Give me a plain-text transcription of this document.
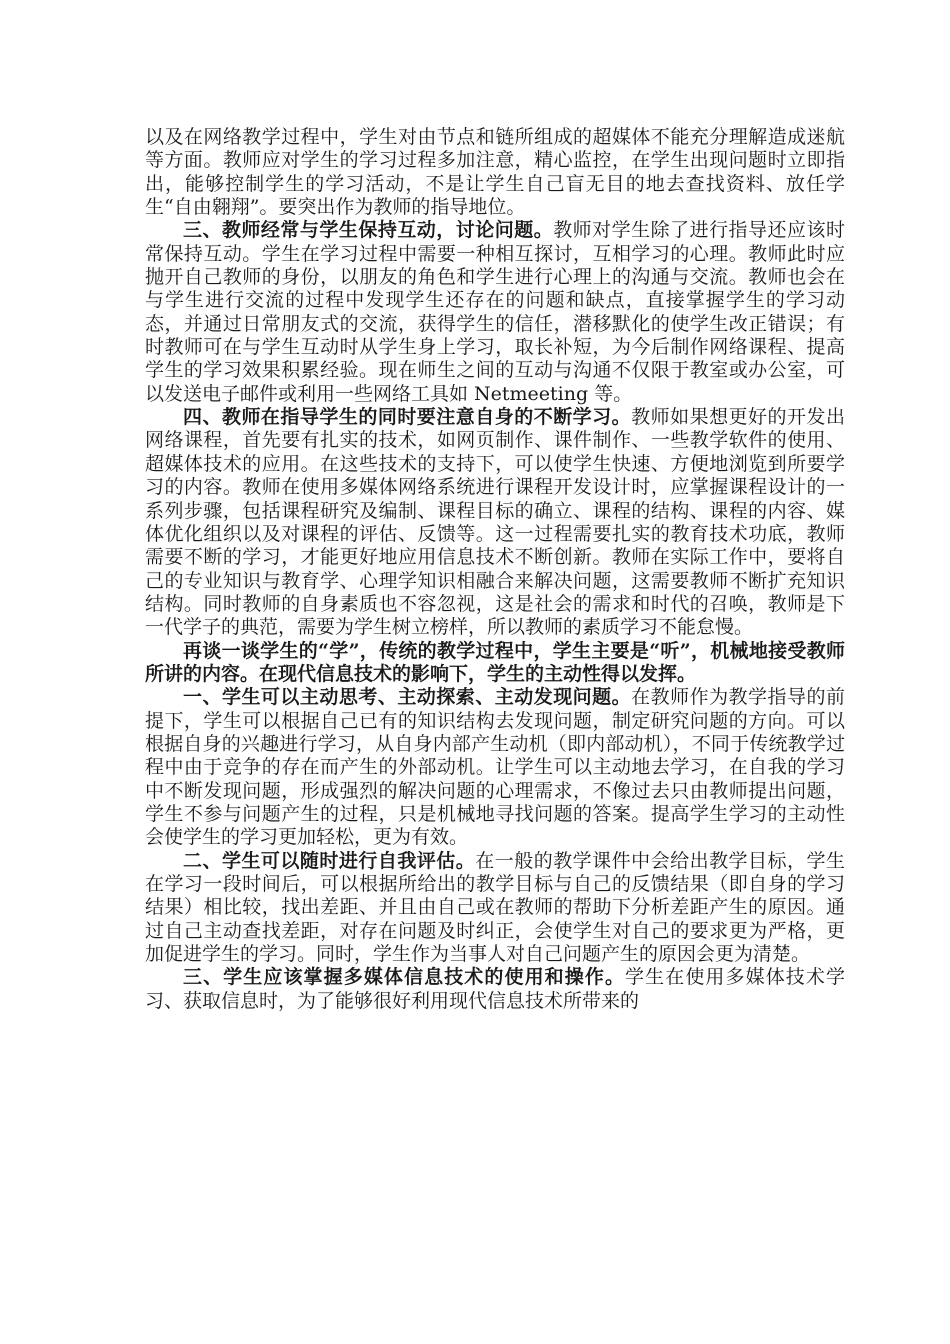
以及在网络教学过程中，学生对由节点和链所组成的超媒体不能充分理解造成迷航等方面。教师应对学生的学习过程多加注意，精心监控，在学生出现问题时立即指出，能够控制学生的学习活动，不是让学生自己盲无目的地去查找资料、放任学生“自由翱翔”。要突出作为教师的指导地位。

三、教师经常与学生保持互动，讨论问题。教师对学生除了进行指导还应该时常保持互动。学生在学习过程中需要一种相互探讨，互相学习的心理。教师此时应抛开自己教师的身份，以朋友的角色和学生进行心理上的沟通与交流。教师也会在与学生进行交流的过程中发现学生还存在的问题和缺点，直接掌握学生的学习动态，并通过日常朋友式的交流，获得学生的信任，潜移默化的使学生改正错误；有时教师可在与学生互动时从学生身上学习，取长补短，为今后制作网络课程、提高学生的学习效果积累经验。现在师生之间的互动与沟通不仅限于教室或办公室，可以发送电子邮件或利用一些网络工具如 Netmeeting 等。

四、教师在指导学生的同时要注意自身的不断学习。教师如果想更好的开发出网络课程，首先要有扎实的技术，如网页制作、课件制作、一些教学软件的使用、超媒体技术的应用。在这些技术的支持下，可以使学生快速、方便地浏览到所要学习的内容。教师在使用多媒体网络系统进行课程开发设计时，应掌握课程设计的一系列步骤，包括课程研究及编制、课程目标的确立、课程的结构、课程的内容、媒体优化组织以及对课程的评估、反馈等。这一过程需要扎实的教育技术功底，教师需要不断的学习，才能更好地应用信息技术不断创新。教师在实际工作中，要将自己的专业知识与教育学、心理学知识相融合来解决问题，这需要教师不断扩充知识结构。同时教师的自身素质也不容忽视，这是社会的需求和时代的召唤，教师是下一代学子的典范，需要为学生树立榜样，所以教师的素质学习不能怠慢。

再谈一谈学生的“学”，传统的教学过程中，学生主要是“听”，机械地接受教师所讲的内容。在现代信息技术的影响下，学生的主动性得以发挥。

一、学生可以主动思考、主动探索、主动发现问题。在教师作为教学指导的前提下，学生可以根据自己已有的知识结构去发现问题，制定研究问题的方向。可以根据自身的兴趣进行学习，从自身内部产生动机（即内部动机），不同于传统教学过程中由于竞争的存在而产生的外部动机。让学生可以主动地去学习，在自我的学习中不断发现问题，形成强烈的解决问题的心理需求，不像过去只由教师提出问题，学生不参与问题产生的过程，只是机械地寻找问题的答案。提高学生学习的主动性会使学生的学习更加轻松，更为有效。

二、学生可以随时进行自我评估。在一般的教学课件中会给出教学目标，学生在学习一段时间后，可以根据所给出的教学目标与自己的反馈结果（即自身的学习结果）相比较，找出差距、并且由自己或在教师的帮助下分析差距产生的原因。通过自己主动查找差距，对存在问题及时纠正，会使学生对自己的要求更为严格，更加促进学生的学习。同时，学生作为当事人对自己问题产生的原因会更为清楚。

三、学生应该掌握多媒体信息技术的使用和操作。学生在使用多媒体技术学习、获取信息时，为了能够很好利用现代信息技术所带来的
